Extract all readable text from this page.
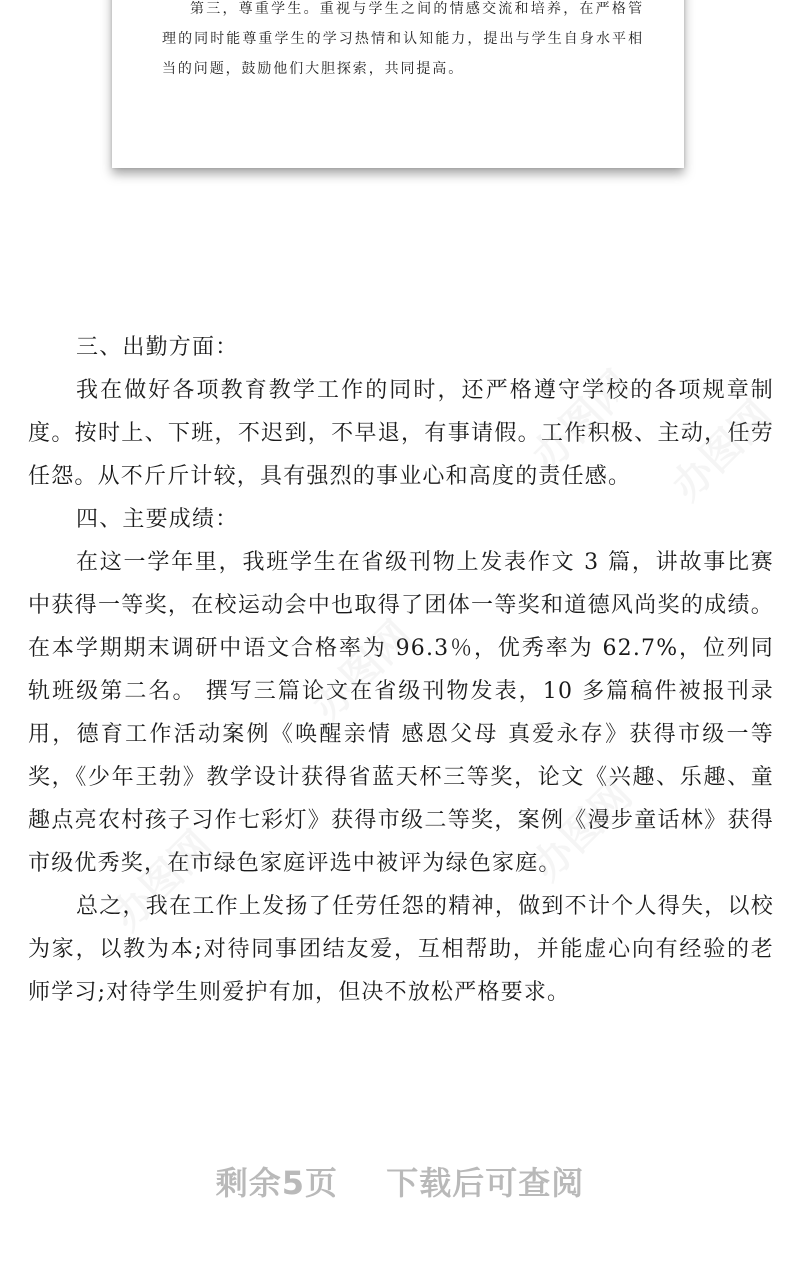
第三，尊重学生。重视与学生之间的情感交流和培养，在严格管理的同时能尊重学生的学习热情和认知能力，提出与学生自身水平相当的问题，鼓励他们大胆探索，共同提高。

三、出勤方面：

我在做好各项教育教学工作的同时，还严格遵守学校的各项规章制度。按时上、下班，不迟到，不早退，有事请假。工作积极、主动，任劳任怨。从不斤斤计较，具有强烈的事业心和高度的责任感。

四、主要成绩：

在这一学年里，我班学生在省级刊物上发表作文 3 篇，讲故事比赛中获得一等奖，在校运动会中也取得了团体一等奖和道德风尚奖的成绩。在本学期期末调研中语文合格率为 96.3％，优秀率为 62.7%，位列同轨班级第二名。 撰写三篇论文在省级刊物发表，10 多篇稿件被报刊录用，德育工作活动案例《唤醒亲情 感恩父母 真爱永存》获得市级一等奖，《少年王勃》教学设计获得省蓝天杯三等奖，论文《兴趣、乐趣、童趣点亮农村孩子习作七彩灯》获得市级二等奖，案例《漫步童话林》获得市级优秀奖，在市绿色家庭评选中被评为绿色家庭。

总之，我在工作上发扬了任劳任怨的精神，做到不计个人得失，以校为家，以教为本;对待同事团结友爱，互相帮助，并能虚心向有经验的老师学习;对待学生则爱护有加，但决不放松严格要求。

办图网 办图网
办图网
办图网
办图网
剩余5页 下载后可查阅
